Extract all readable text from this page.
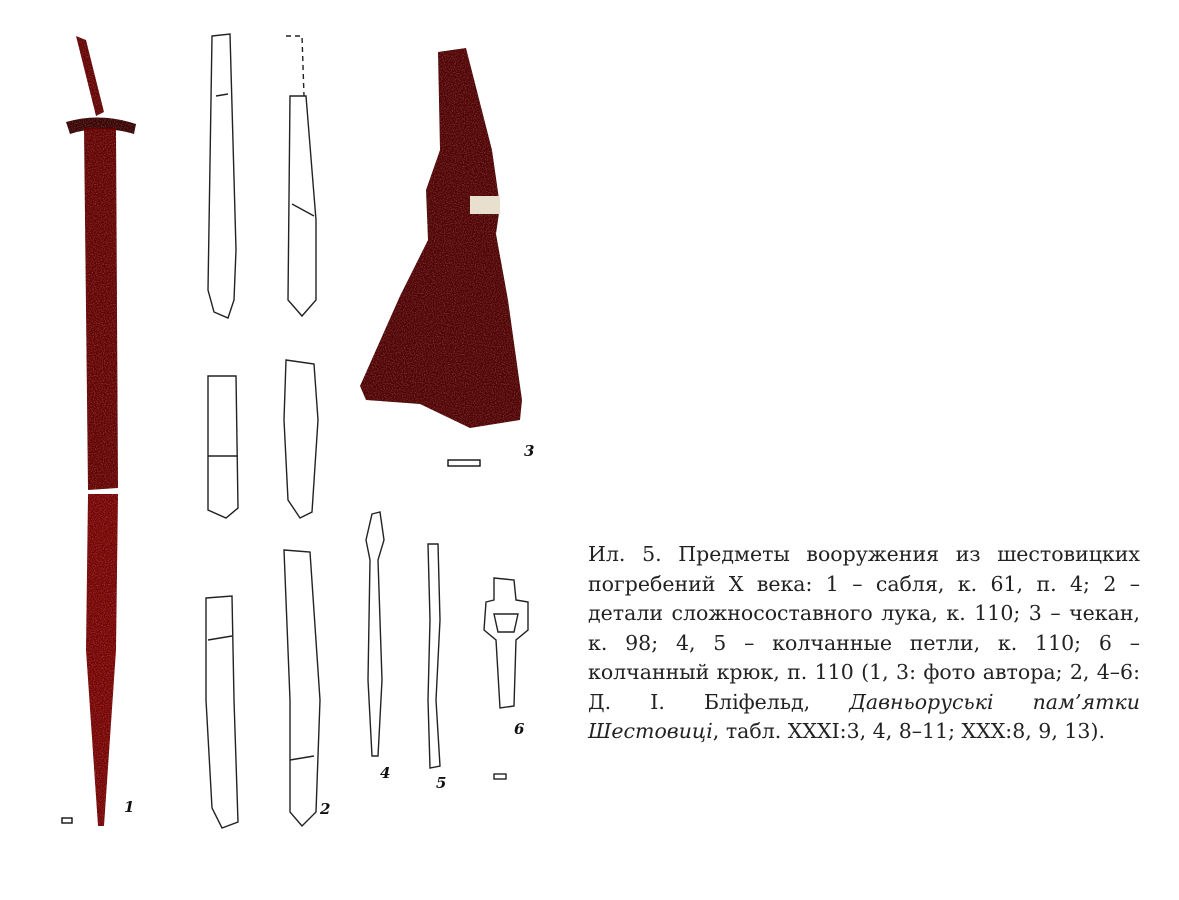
1	2
3
4
5
6
Ил. 5. Предметы вооружения из шестовицких погребений X века: 1 – сабля, к. 61, п. 4; 2 – детали сложносоставного лука, к. 110; 3 – чекан, к. 98; 4, 5 – колчанные петли, к. 110; 6 – колчанный крюк, п. 110 (1, 3: фото автора; 2, 4–6: Д. І. Бліфельд, Давньоруські пам’ятки Шестовиці, табл. XXXI:3, 4, 8–11; XXX:8, 9, 13).
